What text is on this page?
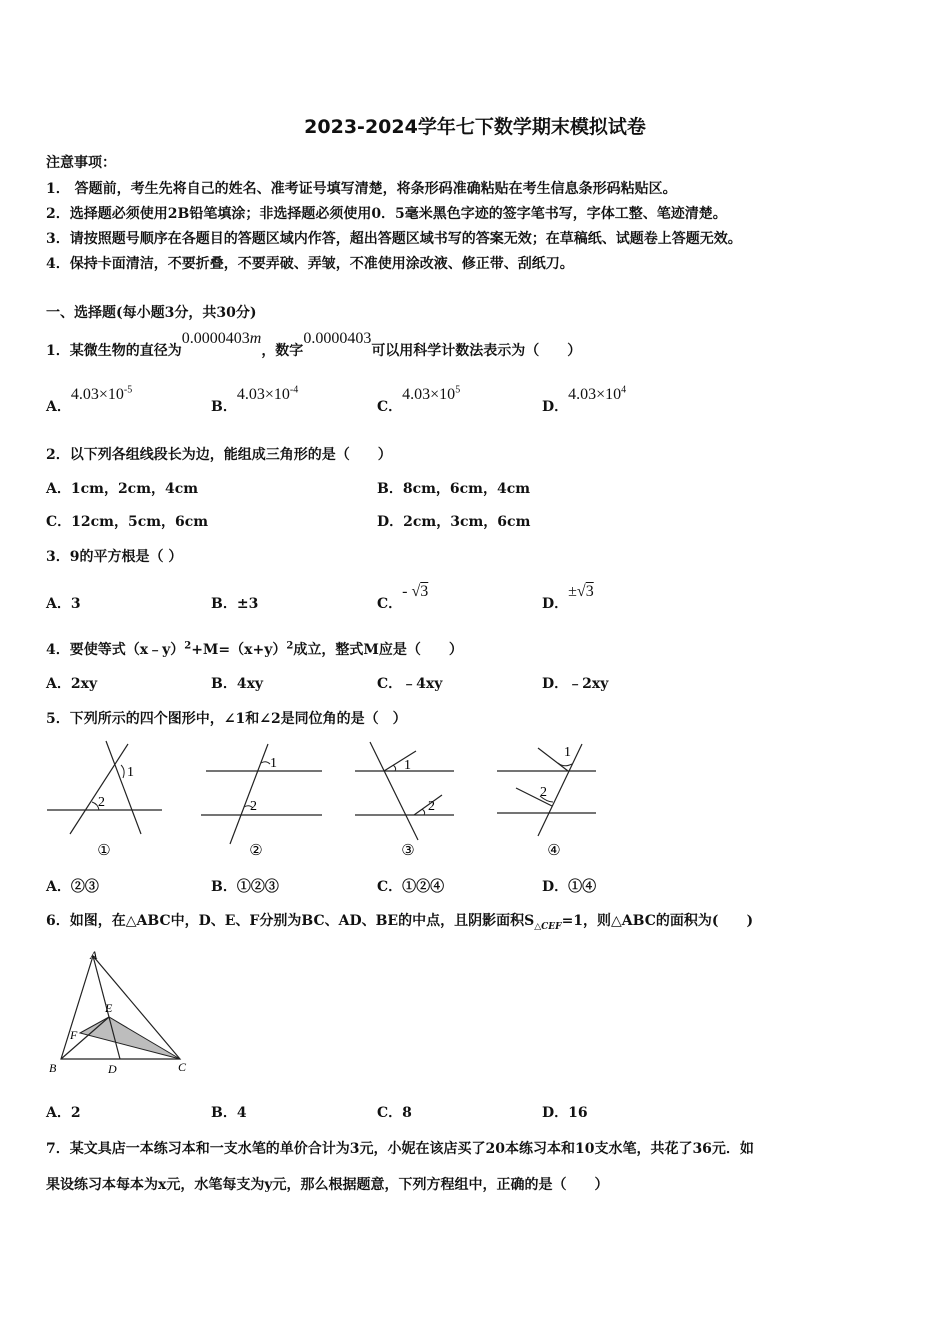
2023-2024学年七下数学期末模拟试卷
注意事项：
1． 答题前，考生先将自己的姓名、准考证号填写清楚，将条形码准确粘贴在考生信息条形码粘贴区。
2．选择题必须使用2B铅笔填涂；非选择题必须使用0．5毫米黑色字迹的签字笔书写，字体工整、笔迹清楚。
3．请按照题号顺序在各题目的答题区域内作答，超出答题区域书写的答案无效；在草稿纸、试题卷上答题无效。
4．保持卡面清洁，不要折叠，不要弄破、弄皱，不准使用涂改液、修正带、刮纸刀。
一、选择题(每小题3分，共30分)
1．某微生物的直径为0.0000403m，数字0.0000403可以用科学计数法表示为（　　）
A．$4.03\times 10^{-5}$
B．$4.03\times 10^{-4}$
C．$4.03\times 10^5$
D．$4.03\times 10^4$
2．以下列各组线段长为边，能组成三角形的是（　　）
A．1cm，2cm，4cm	B．8cm，6cm，4cm
C．12cm，5cm，6cm	D．2cm，3cm，6cm
3．9的平方根是（ ）
A．3	B．±3	C．- √3
D．±√3
4．要使等式$(x﹣y)^2+M=(x+y)^2$成立，整式M应是（　　）
A．2xy	B．4xy	C．﹣4xy	D．﹣2xy
5．下列所示的四个图形中，∠1和∠2是同位角的是（　）
1
2
①
1
2
②
1
2
③
1
2
④
A．②③	B．①②③	C．①②④	D．①④
6．如图，在△ABC中，D、E、F分别为BC、AD、BE的中点，且阴影面积$S_{\triangle CEF}=1$，则△ABC的面积为(　　)
A
B	C
D
E
F
A．2	B．4	C．8	D．16
7．某文具店一本练习本和一支水笔的单价合计为3元，小妮在该店买了20本练习本和10支水笔，共花了36元．如
果设练习本每本为x元，水笔每支为y元，那么根据题意，下列方程组中，正确的是（　　）
